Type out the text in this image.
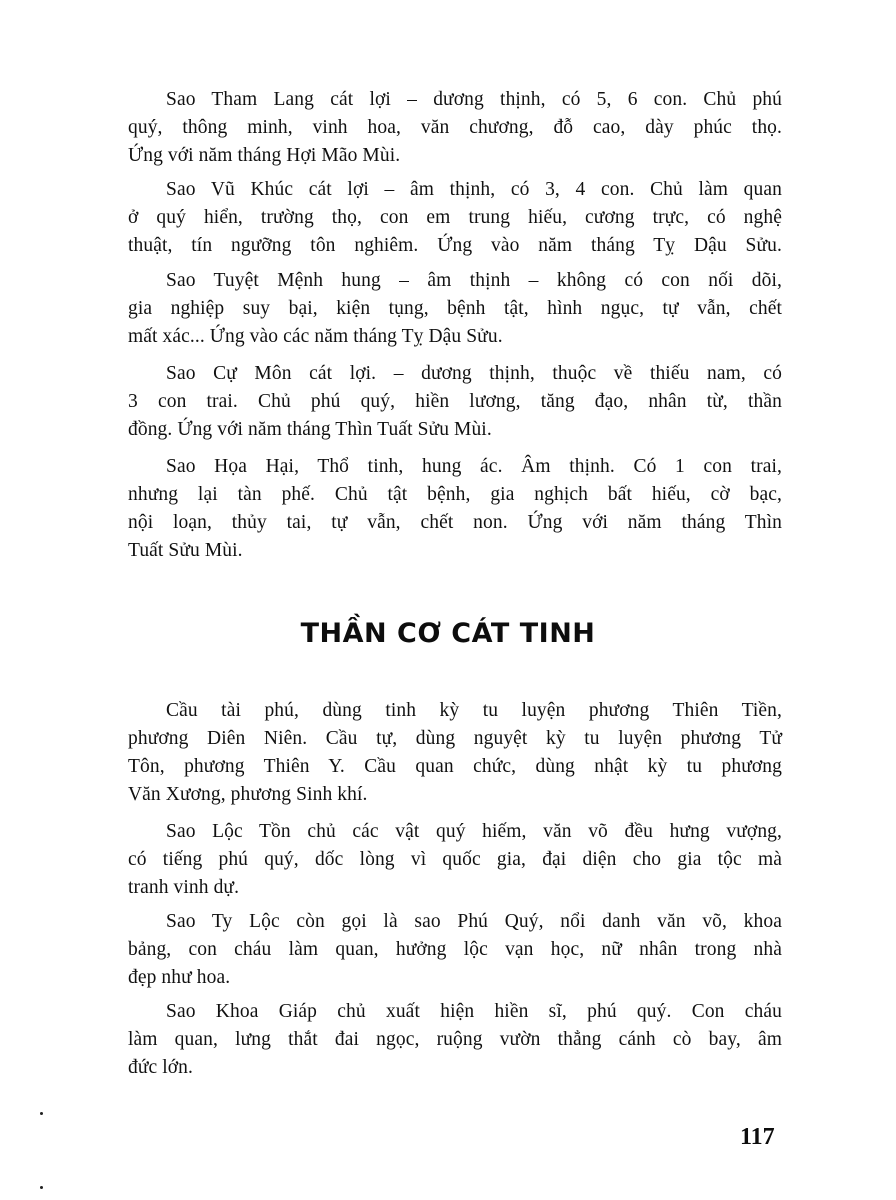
Sao Tham Lang cát lợi – dương thịnh, có 5, 6 con. Chủ phú
quý, thông minh, vinh hoa, văn chương, đỗ cao, dày phúc thọ.
Ứng với năm tháng Hợi Mão Mùi.
Sao Vũ Khúc cát lợi – âm thịnh, có 3, 4 con. Chủ làm quan
ở quý hiển, trường thọ, con em trung hiếu, cương trực, có nghệ
thuật, tín ngưỡng tôn nghiêm. Ứng vào năm tháng Tỵ Dậu Sửu.
Sao Tuyệt Mệnh hung – âm thịnh – không có con nối dõi,
gia nghiệp suy bại, kiện tụng, bệnh tật, hình ngục, tự vẫn, chết
mất xác... Ứng vào các năm tháng Tỵ Dậu Sửu.
Sao Cự Môn cát lợi. – dương thịnh, thuộc về thiếu nam, có
3 con trai. Chủ phú quý, hiền lương, tăng đạo, nhân từ, thần
đồng. Ứng với năm tháng Thìn Tuất Sửu Mùi.
Sao Họa Hại, Thổ tinh, hung ác. Âm thịnh. Có 1 con trai,
nhưng lại tàn phế. Chủ tật bệnh, gia nghịch bất hiếu, cờ bạc,
nội loạn, thủy tai, tự vẫn, chết non. Ứng với năm tháng Thìn
Tuất Sửu Mùi.
THẦN CƠ CÁT TINH
Cầu tài phú, dùng tinh kỳ tu luyện phương Thiên Tiền,
phương Diên Niên. Cầu tự, dùng nguyệt kỳ tu luyện phương Tử
Tôn, phương Thiên Y. Cầu quan chức, dùng nhật kỳ tu phương
Văn Xương, phương Sinh khí.
Sao Lộc Tồn chủ các vật quý hiếm, văn võ đều hưng vượng,
có tiếng phú quý, dốc lòng vì quốc gia, đại diện cho gia tộc mà
tranh vinh dự.
Sao Ty Lộc còn gọi là sao Phú Quý, nổi danh văn võ, khoa
bảng, con cháu làm quan, hưởng lộc vạn học, nữ nhân trong nhà
đẹp như hoa.
Sao Khoa Giáp chủ xuất hiện hiền sĩ, phú quý. Con cháu
làm quan, lưng thắt đai ngọc, ruộng vườn thẳng cánh cò bay, âm
đức lớn.
117
